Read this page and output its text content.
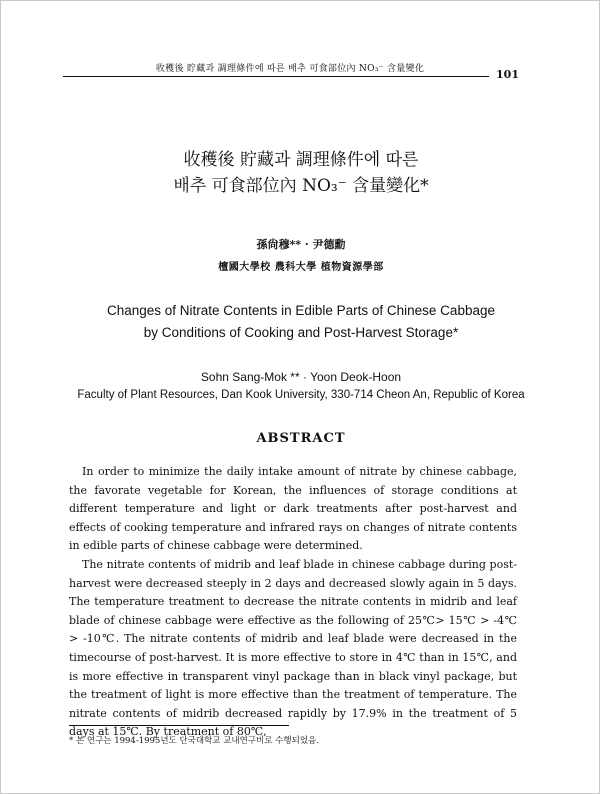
收穫後 貯藏과 調理條件에 따른 배추 可食部位內 NO₃⁻ 含量變化	101
收穫後 貯藏과 調理條件에 따른
배추 可食部位內 NO₃⁻ 含量變化*
孫尙穆** · 尹德勳
檀國大學校 農科大學 植物資源學部
Changes of Nitrate Contents in Edible Parts of Chinese Cabbage
by Conditions of Cooking and Post-Harvest Storage*
Sohn Sang-Mok ** · Yoon Deok-Hoon
Faculty of Plant Resources, Dan Kook University, 330-714 Cheon An, Republic of Korea
ABSTRACT

In order to minimize the daily intake amount of nitrate by chinese cabbage, the favorate vegetable for Korean, the influences of storage conditions at different temperature and light or dark treatments after post-harvest and effects of cooking temperature and infrared rays on changes of nitrate contents in edible parts of chinese cabbage were determined.

The nitrate contents of midrib and leaf blade in chinese cabbage during post-harvest were decreased steeply in 2 days and decreased slowly again in 5 days. The temperature treatment to decrease the nitrate contents in midrib and leaf blade of chinese cabbage were effective as the following of 25℃> 15℃ > -4℃ > -10℃. The nitrate contents of midrib and leaf blade were decreased in the timecourse of post-harvest. It is more effective to store in 4℃ than in 15℃, and is more effective in transparent vinyl package than in black vinyl package, but the treatment of light is more effective than the treatment of temperature. The nitrate contents of midrib decreased rapidly by 17.9% in the treatment of 5 days at 15℃. By treatment of 80℃,

* 본 연구는 1994-1995년도 단국대학교 교내연구비로 수행되었음.
